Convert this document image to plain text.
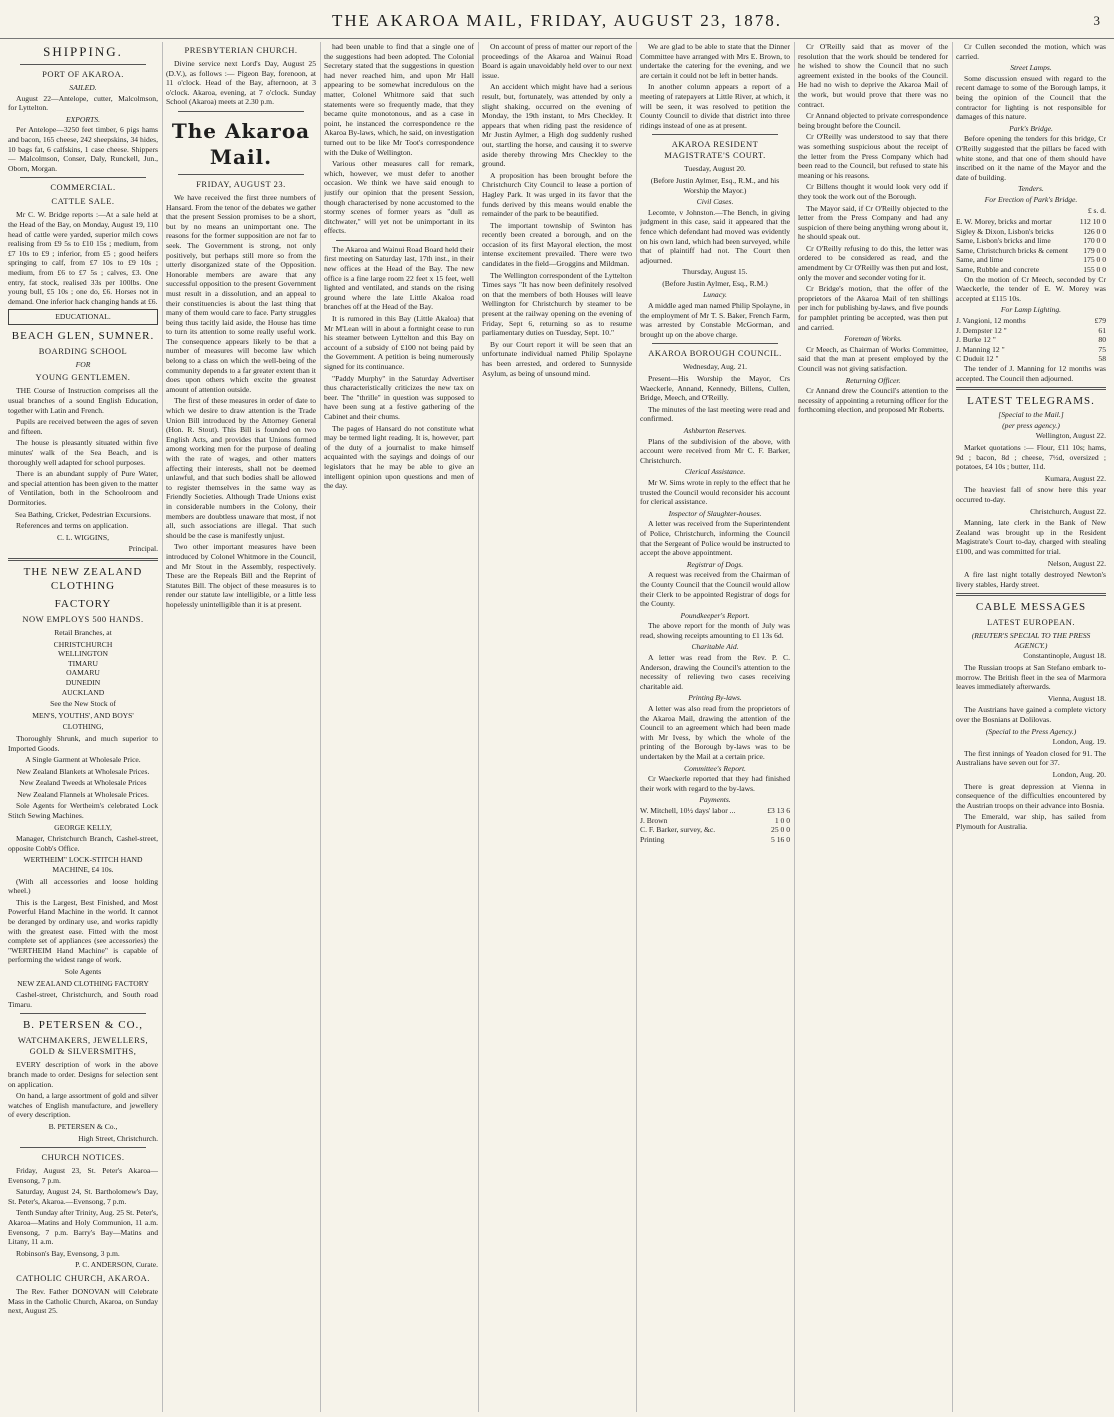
THE AKAROA MAIL, FRIDAY, AUGUST 23, 1878.	3
SHIPPING.
PORT OF AKAROA.
SAILED.

August 22—Antelope, cutter, Malcolmson, for Lyttelton.

EXPORTS.

Per Antelope—3250 feet timber, 6 pigs hams and bacon, 165 cheese, 242 sheepskins, 34 hides, 10 bags fat, 6 calfskins, 1 case cheese. Shippers — Malcolmson, Conser, Daly, Runckell, Jun., Oborn, Morgan.

COMMERCIAL.
CATTLE SALE.

Mr C. W. Bridge reports :—At a sale held at the Head of the Bay, on Monday, August 19, 110 head of cattle were yarded, superior milch cows realising from £9 5s to £10 15s ; medium, from £7 10s to £9 ; inferior, from £5 ; good heifers springing to calf, from £7 10s to £9 10s ; medium, from £6 to £7 5s ; calves, £3. One entry, fat stock, realised 33s per 100lbs. One young bull, £5 10s ; one do, £6. Horses not in demand. One inferior hack changing hands at £6.

EDUCATIONAL.
BEACH GLEN, SUMNER.
BOARDING SCHOOL
FOR
YOUNG GENTLEMEN.

THE Course of Instruction comprises all the usual branches of a sound English Education, together with Latin and French.

Pupils are received between the ages of seven and fifteen.

The house is pleasantly situated within five minutes' walk of the Sea Beach, and is thoroughly well adapted for school purposes.

There is an abundant supply of Pure Water, and special attention has been given to the matter of Ventilation, both in the Schoolroom and Dormitories.

Sea Bathing, Cricket, Pedestrian Excursions.

References and terms on application.

C. L. WIGGINS,

Principal.

THE NEW ZEALAND CLOTHING
FACTORY
NOW EMPLOYS 500 HANDS.

Retail Branches, at

CHRISTCHURCH
WELLINGTON
TIMARU
OAMARU
DUNEDIN
AUCKLAND

See the New Stock of

MEN'S, YOUTHS', AND BOYS'

CLOTHING,

Thoroughly Shrunk, and much superior to Imported Goods.

A Single Garment at Wholesale Price.

New Zealand Blankets at Wholesale Prices.

New Zealand Tweeds at Wholesale Prices

New Zealand Flannels at Wholesale Prices.

Sole Agents for Wertheim's celebrated Lock Stitch Sewing Machines.

GEORGE KELLY,

Manager, Christchurch Branch, Cashel-street, opposite Cobb's Office.

WERTHEIM" LOCK-STITCH HAND MACHINE, £4 10s.

(With all accessories and loose holding wheel.)

This is the Largest, Best Finished, and Most Powerful Hand Machine in the world. It cannot be deranged by ordinary use, and works rapidly with the greatest ease. Fitted with the most complete set of appliances (see accessories) the "WERTHEIM Hand Machine" is capable of performing the widest range of work.

Sole Agents

NEW ZEALAND CLOTHING FACTORY

Cashel-street, Christchurch, and South road Timaru.

B. PETERSEN & CO.,
WATCHMAKERS, JEWELLERS, GOLD & SILVERSMITHS,

EVERY description of work in the above branch made to order. Designs for selection sent on application.

On hand, a large assortment of gold and silver watches of English manufacture, and jewellery of every description.

B. PETERSEN & Co.,

High Street, Christchurch.

CHURCH NOTICES.

Friday, August 23, St. Peter's Akaroa—Evensong, 7 p.m.

Saturday, August 24, St. Bartholomew's Day, St. Peter's, Akaroa.—Evensong, 7 p.m.

Tenth Sunday after Trinity, Aug. 25 St. Peter's, Akaroa—Matins and Holy Communion, 11 a.m. Evensong, 7 p.m. Barry's Bay—Matins and Litany, 11 a.m.

Robinson's Bay, Evensong, 3 p.m.

P. C. ANDERSON, Curate.

CATHOLIC CHURCH, AKAROA.

The Rev. Father DONOVAN will Celebrate Mass in the Catholic Church, Akaroa, on Sunday next, August 25.

PRESBYTERIAN CHURCH.

Divine service next Lord's Day, August 25 (D.V.), as follows :— Pigeon Bay, forenoon, at 11 o'clock. Head of the Bay, afternoon, at 3 o'clock. Akaroa, evening, at 7 o'clock. Sunday School (Akaroa) meets at 2.30 p.m.

The Akaroa Mail.
FRIDAY, AUGUST 23.

We have received the first three numbers of Hansard. From the tenor of the debates we gather that the present Session promises to be a short, but by no means an unimportant one. The reasons for the former supposition are not far to seek. The Government is strong, not only positively, but perhaps still more so from the utterly disorganized state of the Opposition. Honorable members are aware that any successful opposition to the present Government must result in a dissolution, and an appeal to their constituencies is about the last thing that many of them would care to face. Party struggles being thus tacitly laid aside, the House has time to turn its attention to some really useful work. The consequence appears likely to be that a number of measures will become law which belong to a class on which the well-being of the community depends to a far greater extent than it does upon others which excite the greatest amount of attention outside.

The first of these measures in order of date to which we desire to draw attention is the Trade Union Bill introduced by the Attorney General (Hon. R. Stout). This Bill is founded on two English Acts, and provides that Unions formed among working men for the purpose of dealing with the rate of wages, and other matters affecting their interests, shall not be deemed unlawful, and that such bodies shall be allowed to register themselves in the same way as Friendly Societies. Although Trade Unions exist in considerable numbers in the Colony, their members are doubtless unaware that most, if not all, such associations are illegal. That such should be the case is manifestly unjust.

Two other important measures have been introduced by Colonel Whitmore in the Council, and Mr Stout in the Assembly, respectively. These are the Repeals Bill and the Reprint of Statutes Bill. The object of these measures is to render our statute law intelligible, or a little less hopelessly unintelligible than it is at present.

had been unable to find that a single one of the suggestions had been adopted. The Colonial Secretary stated that the suggestions in question had never reached him, and upon Mr Hall appearing to be somewhat incredulous on the matter, Colonel Whitmore said that such statements were so frequently made, that they became quite monotonous, and as a case in point, he instanced the correspondence re the Akaroa By-laws, which, he said, on investigation turned out to be like Mr Toot's correspondence with the Duke of Wellington.

Various other measures call for remark, which, however, we must defer to another occasion. We think we have said enough to justify our opinion that the present Session, though characterised by none accustomed to the stormy scenes of former years as "dull as ditchwater," will yet not be unimportant in its effects.

The Akaroa and Wainui Road Board held their first meeting on Saturday last, 17th inst., in their new offices at the Head of the Bay. The new office is a fine large room 22 feet x 15 feet, well lighted and ventilated, and stands on the rising ground where the late Little Akaloa road branches off at the Head of the Bay.

It is rumored in this Bay (Little Akaloa) that Mr M'Lean will in about a fortnight cease to run his steamer between Lyttelton and this Bay on account of a subsidy of £100 not being paid by the Government. A petition is being numerously signed for its continuance.

"Paddy Murphy" in the Saturday Advertiser thus characteristically criticizes the new tax on beer. The "thrille" in question was supposed to have been sung at a festive gathering of the Cabinet and their chums.

The pages of Hansard do not constitute what may be termed light reading. It is, however, part of the duty of a journalist to make himself acquainted with the sayings and doings of our legislators that he may be able to give an intelligent opinion upon questions and men of the day.

On account of press of matter our report of the proceedings of the Akaroa and Wainui Road Board is again unavoidably held over to our next issue.

An accident which might have had a serious result, but, fortunately, was attended by only a slight shaking, occurred on the evening of Monday, the 19th instant, to Mrs Checkley. It appears that when riding past the residence of Mr Justin Aylmer, a High dog suddenly rushed out, startling the horse, and causing it to swerve aside thereby throwing Mrs Checkley to the ground.

A proposition has been brought before the Christchurch City Council to lease a portion of Hagley Park. It was urged in its favor that the funds derived by this means would enable the remainder of the park to be beautified.

The important township of Swinton has recently been created a borough, and on the occasion of its first Mayoral election, the most intense excitement prevailed. There were two candidates in the field—Groggins and Mildman.

The Wellington correspondent of the Lyttelton Times says "It has now been definitely resolved on that the members of both Houses will leave Wellington for Christchurch by steamer to be present at the railway opening on the evening of Friday, Sept 6, returning so as to resume parliamentary duties on Tuesday, Sept. 10."

By our Court report it will be seen that an unfortunate individual named Philip Spolayne has been arrested, and ordered to Sunnyside Asylum, as being of unsound mind.

We are glad to be able to state that the Dinner Committee have arranged with Mrs E. Brown, to undertake the catering for the evening, and we are certain it could not be left in better hands.

In another column appears a report of a meeting of ratepayers at Little River, at which, it will be seen, it was resolved to petition the County Council to divide that district into three ridings instead of one as at present.

AKAROA RESIDENT MAGISTRATE'S COURT.

Tuesday, August 20.

(Before Justin Aylmer, Esq., R.M., and his Worship the Mayor.)

Civil Cases.

Lecomte, v Johnston.—The Bench, in giving judgment in this case, said it appeared that the fence which defendant had moved was evidently on his own land, which had been surveyed, while that of plaintiff had not. The Court then adjourned.

Thursday, August 15.

(Before Justin Aylmer, Esq., R.M.)

Lunacy.

A middle aged man named Philip Spolayne, in the employment of Mr T. S. Baker, French Farm, was arrested by Constable McGorman, and brought up on the above charge.

AKAROA BOROUGH COUNCIL.

Wednesday, Aug. 21.

Present—His Worship the Mayor, Crs Waeckerle, Annand, Kennedy, Billens, Cullen, Bridge, Meech, and O'Reilly.

The minutes of the last meeting were read and confirmed.

Ashburton Reserves.

Plans of the subdivision of the above, with account were received from Mr C. F. Barker, Christchurch.

Clerical Assistance.

Mr W. Sims wrote in reply to the effect that he trusted the Council would reconsider his account for clerical assistance.

Inspector of Slaughter-houses.

A letter was received from the Superintendent of Police, Christchurch, informing the Council that the Sergeant of Police would be instructed to accept the above appointment.

Registrar of Dogs.

A request was received from the Chairman of the County Council that the Council would allow their Clerk to be appointed Registrar of dogs for the County.

Poundkeeper's Report.

The above report for the month of July was read, showing receipts amounting to £1 13s 6d.

Charitable Aid.

A letter was read from the Rev. P. C. Anderson, drawing the Council's attention to the necessity of relieving two cases receiving charitable aid.

Printing By-laws.

A letter was also read from the proprietors of the Akaroa Mail, drawing the attention of the Council to an agreement which had been made with Mr Ivess, by which the whole of the printing of the Borough by-laws was to be undertaken by the Mail at a certain price.

Committee's Report.

Cr Waeckerle reported that they had finished their work with regard to the by-laws.

Payments.
W. Mitchell, 10½ days' labor ...	£3 13 6
J. Brown	1 0 0
C. F. Barker, survey, &c.	25 0 0
Printing	5 16 0

Cr O'Reilly said that as mover of the resolution that the work should be tendered for he wished to show the Council that no such agreement existed in the books of the Council. He had no wish to deprive the Akaroa Mail of the work, but would prove that there was no contract.

Cr Annand objected to private correspondence being brought before the Council.

Cr O'Reilly was understood to say that there was something suspicious about the receipt of the letter from the Press Company which had been read to the Council, but refused to state his meaning or his reasons.

Cr Billens thought it would look very odd if they took the work out of the Borough.

The Mayor said, if Cr O'Reilly objected to the letter from the Press Company and had any suspicion of there being anything wrong about it, he should speak out.

Cr O'Reilly refusing to do this, the letter was ordered to be considered as read, and the amendment by Cr O'Reilly was then put and lost, only the mover and seconder voting for it.

Cr Bridge's motion, that the offer of the proprietors of the Akaroa Mail of ten shillings per inch for publishing by-laws, and five pounds for pamphlet printing be accepted, was then put and carried.

Foreman of Works.

Cr Meech, as Chairman of Works Committee, said that the man at present employed by the Council was not giving satisfaction.

Returning Officer.

Cr Annand drew the Council's attention to the necessity of appointing a returning officer for the forthcoming election, and proposed Mr Roberts.

Cr Cullen seconded the motion, which was carried.

Street Lamps.

Some discussion ensued with regard to the recent damage to some of the Borough lamps, it being the opinion of the Council that the contractor for lighting is not responsible for damages of this nature.

Park's Bridge.

Before opening the tenders for this bridge, Cr O'Reilly suggested that the pillars be faced with white stone, and that one of them should have inscribed on it the name of the Mayor and the date of building.

Tenders.
For Erection of Park's Bridge.

£ s. d.

E. W. Morey, bricks and mortar	112 10 0
Sigley & Dixon, Lisbon's bricks	126 0 0
Same, Lisbon's bricks and lime	170 0 0
Same, Christchurch bricks & cement 179 0 0
Same, and lime	175 0 0
Same, Rubble and concrete	155 0 0

On the motion of Cr Meech, seconded by Cr Waeckerle, the tender of E. W. Morey was accepted at £115 10s.

For Lamp Lighting.
J. Vangioni, 12 months	£79
J. Dempster 12 "	61
J. Burke 12 "	80
J. Manning 12 "	75
C Duduit 12 "	58

The tender of J. Manning for 12 months was accepted. The Council then adjourned.

LATEST TELEGRAMS.
[Special to the Mail.]
(per press agency.)

Wellington, August 22.

Market quotations :— Flour, £11 10s; hams, 9d ; bacon, 8d ; cheese, 7½d, oversized ; potatoes, £4 10s ; butter, 11d.

Kumara, August 22.

The heaviest fall of snow here this year occurred to-day.

Christchurch, August 22.

Manning, late clerk in the Bank of New Zealand was brought up in the Resident Magistrate's Court to-day, charged with stealing £100, and was committed for trial.

Nelson, August 22.

A fire last night totally destroyed Newton's livery stables, Hardy street.

CABLE MESSAGES
LATEST EUROPEAN.
(REUTER'S SPECIAL TO THE PRESS AGENCY.)

Constantinople, August 18.

The Russian troops at San Stefano embark to-morrow. The British fleet in the sea of Marmora leaves immediately afterwards.

Vienna, August 18.

The Austrians have gained a complete victory over the Bosnians at Dolilovas.

(Special to the Press Agency.)

London, Aug. 19.

The first innings of Yeadon closed for 91. The Australians have seven out for 37.

London, Aug. 20.

There is great depression at Vienna in consequence of the difficulties encountered by the Austrian troops on their advance into Bosnia.

The Emerald, war ship, has sailed from Plymouth for Australia.
